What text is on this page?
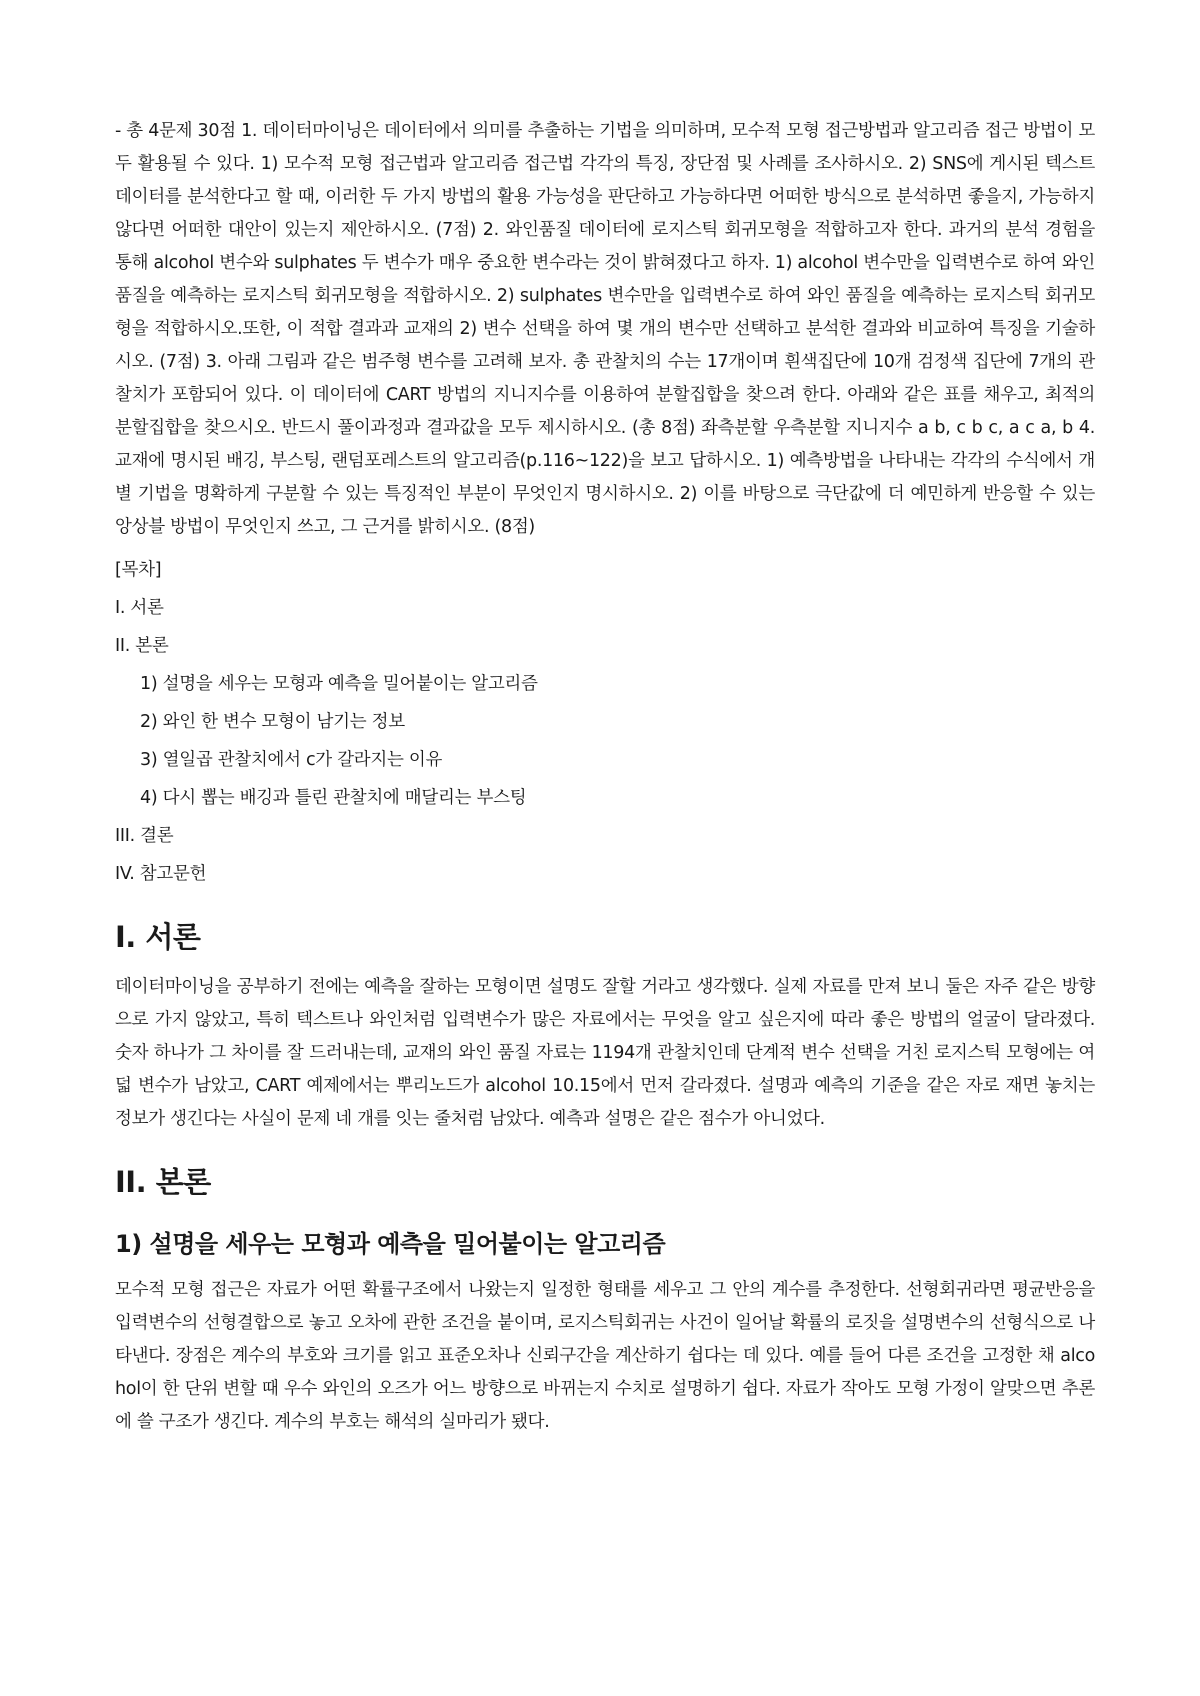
- 총 4문제 30점 1. 데이터마이닝은 데이터에서 의미를 추출하는 기법을 의미하며, 모수적 모형 접근방법과 알고리즘 접근 방법이 모두 활용될 수 있다. 1) 모수적 모형 접근법과 알고리즘 접근법 각각의 특징, 장단점 및 사례를 조사하시오. 2) SNS에 게시된 텍스트 데이터를 분석한다고 할 때, 이러한 두 가지 방법의 활용 가능성을 판단하고 가능하다면 어떠한 방식으로 분석하면 좋을지, 가능하지 않다면 어떠한 대안이 있는지 제안하시오. (7점) 2. 와인품질 데이터에 로지스틱 회귀모형을 적합하고자 한다. 과거의 분석 경험을 통해 alcohol 변수와 sulphates 두 변수가 매우 중요한 변수라는 것이 밝혀졌다고 하자. 1) alcohol 변수만을 입력변수로 하여 와인 품질을 예측하는 로지스틱 회귀모형을 적합하시오. 2) sulphates 변수만을 입력변수로 하여 와인 품질을 예측하는 로지스틱 회귀모형을 적합하시오.또한, 이 적합 결과과 교재의 2) 변수 선택을 하여 몇 개의 변수만 선택하고 분석한 결과와 비교하여 특징을 기술하시오. (7점) 3. 아래 그림과 같은 범주형 변수를 고려해 보자. 총 관찰치의 수는 17개이며 흰색집단에 10개 검정색 집단에 7개의 관찰치가 포함되어 있다. 이 데이터에 CART 방법의 지니지수를 이용하여 분할집합을 찾으려 한다. 아래와 같은 표를 채우고, 최적의 분할집합을 찾으시오. 반드시 풀이과정과 결과값을 모두 제시하시오. (총 8점) 좌측분할 우측분할 지니지수 a b, c b c, a c a, b 4. 교재에 명시된 배깅, 부스팅, 랜덤포레스트의 알고리즘(p.116~122)을 보고 답하시오. 1) 예측방법을 나타내는 각각의 수식에서 개별 기법을 명확하게 구분할 수 있는 특징적인 부분이 무엇인지 명시하시오. 2) 이를 바탕으로 극단값에 더 예민하게 반응할 수 있는 앙상블 방법이 무엇인지 쓰고, 그 근거를 밝히시오. (8점)

[목차]
I. 서론
II. 본론
1) 설명을 세우는 모형과 예측을 밀어붙이는 알고리즘
2) 와인 한 변수 모형이 남기는 정보
3) 열일곱 관찰치에서 c가 갈라지는 이유
4) 다시 뽑는 배깅과 틀린 관찰치에 매달리는 부스팅
III. 결론
IV. 참고문헌
I. 서론

데이터마이닝을 공부하기 전에는 예측을 잘하는 모형이면 설명도 잘할 거라고 생각했다. 실제 자료를 만져 보니 둘은 자주 같은 방향으로 가지 않았고, 특히 텍스트나 와인처럼 입력변수가 많은 자료에서는 무엇을 알고 싶은지에 따라 좋은 방법의 얼굴이 달라졌다. 숫자 하나가 그 차이를 잘 드러내는데, 교재의 와인 품질 자료는 1194개 관찰치인데 단계적 변수 선택을 거친 로지스틱 모형에는 여덟 변수가 남았고, CART 예제에서는 뿌리노드가 alcohol 10.15에서 먼저 갈라졌다. 설명과 예측의 기준을 같은 자로 재면 놓치는 정보가 생긴다는 사실이 문제 네 개를 잇는 줄처럼 남았다. 예측과 설명은 같은 점수가 아니었다.

II. 본론
1) 설명을 세우는 모형과 예측을 밀어붙이는 알고리즘

모수적 모형 접근은 자료가 어떤 확률구조에서 나왔는지 일정한 형태를 세우고 그 안의 계수를 추정한다. 선형회귀라면 평균반응을 입력변수의 선형결합으로 놓고 오차에 관한 조건을 붙이며, 로지스틱회귀는 사건이 일어날 확률의 로짓을 설명변수의 선형식으로 나타낸다. 장점은 계수의 부호와 크기를 읽고 표준오차나 신뢰구간을 계산하기 쉽다는 데 있다. 예를 들어 다른 조건을 고정한 채 alcohol이 한 단위 변할 때 우수 와인의 오즈가 어느 방향으로 바뀌는지 수치로 설명하기 쉽다. 자료가 작아도 모형 가정이 알맞으면 추론에 쓸 구조가 생긴다. 계수의 부호는 해석의 실마리가 됐다.
